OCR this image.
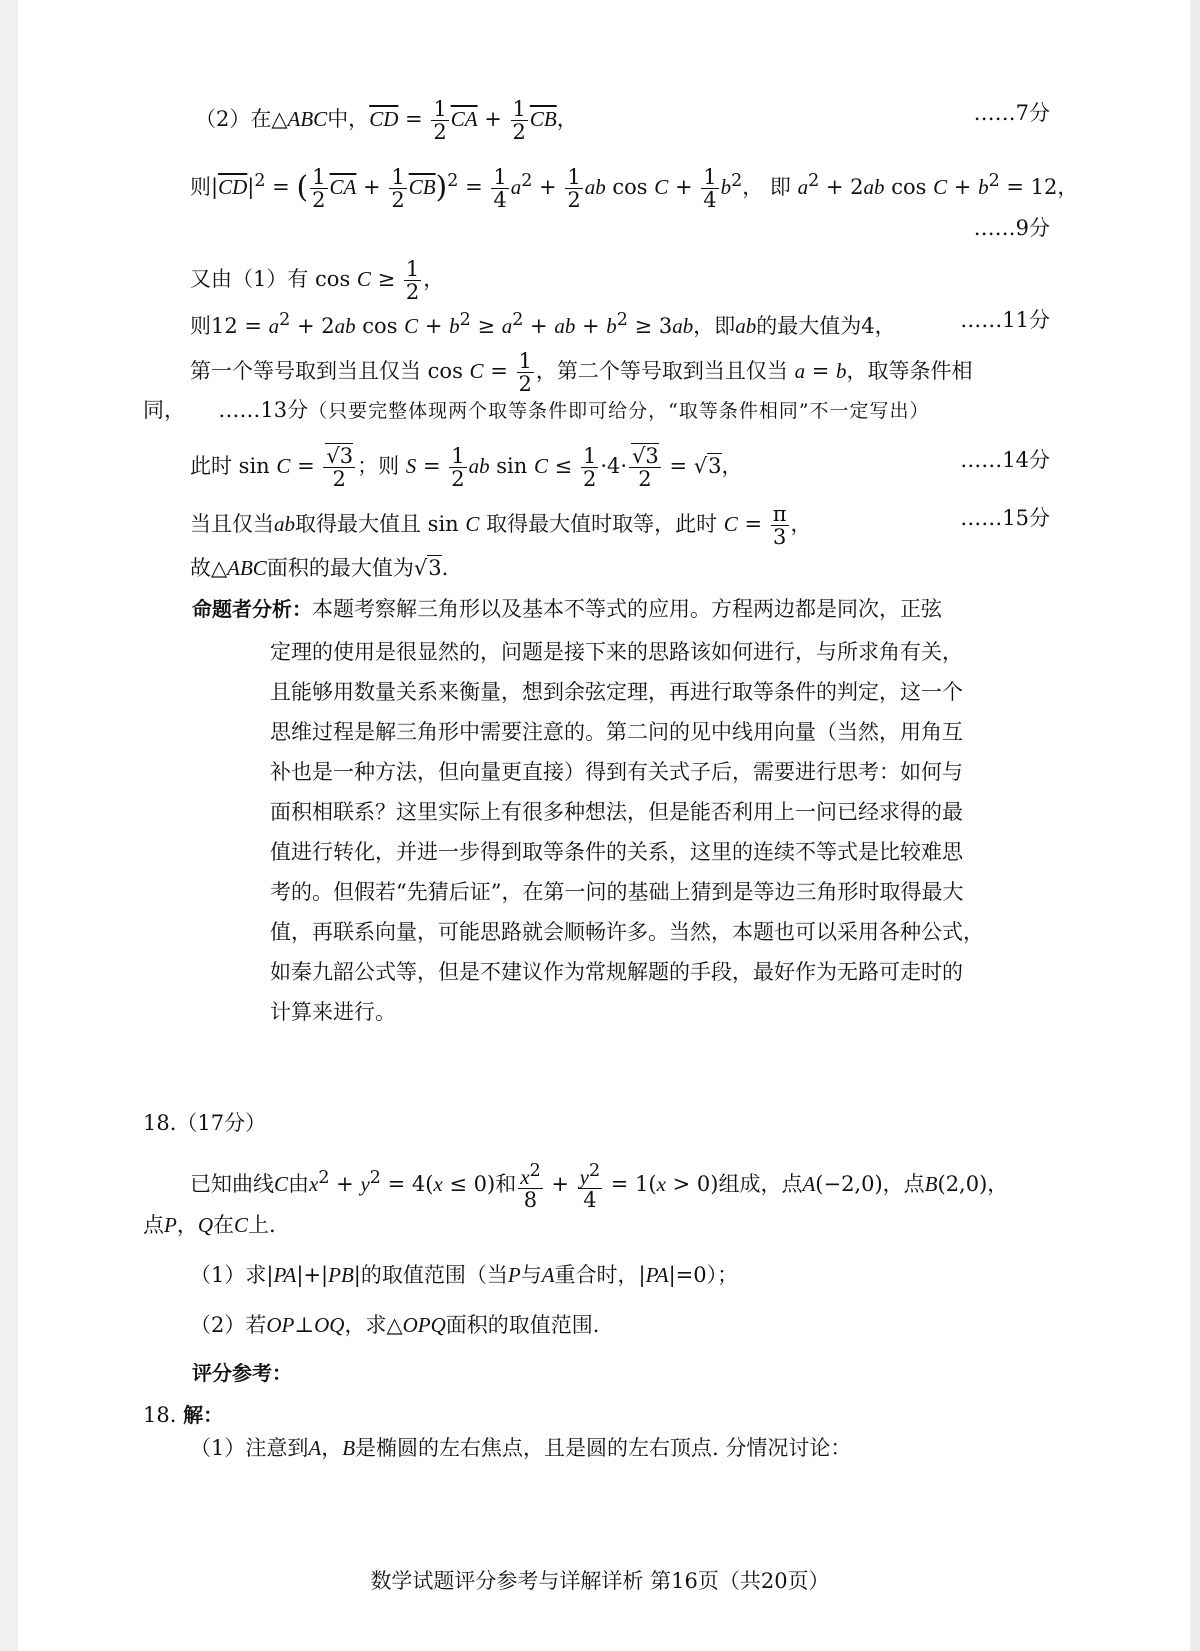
（2）在△ABC中，$\overline{CD} = \frac{1}{2} \overline{CA} + \frac{1}{2} \overline{CB}$，	……7分
则$|\overline{CD}|^2$ = ( $\frac{1}{2} \overline{CA} + \frac{1}{2} \overline{CB})^2 = \frac{1}{4} a^2 + \frac{1}{2}$ ab $\cos C + \frac{1}{4} b^2$， 即 $a^2 + 2ab$ $\cos C + b^2 = 12$，
……9分
又由（1）有 $\cos C \ge \frac{1}{2}$ ，
则$12 = a^2 + 2ab$ $\cos C + b^2 \ge a^2$ + ab + $b^2 \ge 3ab$，即ab的最大值为4，	……11分
第一个等号取到当且仅当 $\cos C = \frac{1}{2}$ ，第二个等号取到当且仅当 a = b，取等条件相
同，     ……13分（只要完整体现两个取等条件即可给分，“取等条件相同”不一定写出）
此时 $\sin C = \frac{√3}{2}$ ；则 $S = \frac{1}{2}$ ab $\sin C \le \frac{1}{2} \cdot 4\cdot \frac{√3}{2} = √3$，	……14分
当且仅当ab取得最大值且 sin C 取得最大值时取等，此时 $C = \frac{\pi}{3}$ ，	……15分
故△ABC面积的最大值为√3.
命题者分析：本题考察解三角形以及基本不等式的应用。方程两边都是同次，正弦
定理的使用是很显然的，问题是接下来的思路该如何进行，与所求角有关，
且能够用数量关系来衡量，想到余弦定理，再进行取等条件的判定，这一个
思维过程是解三角形中需要注意的。第二问的见中线用向量（当然，用角互
补也是一种方法，但向量更直接）得到有关式子后，需要进行思考：如何与
面积相联系？这里实际上有很多种想法，但是能否利用上一问已经求得的最
值进行转化，并进一步得到取等条件的关系，这里的连续不等式是比较难思
考的。但假若“先猜后证”，在第一问的基础上猜到是等边三角形时取得最大
值，再联系向量，可能思路就会顺畅许多。当然，本题也可以采用各种公式，
如秦九韶公式等，但是不建议作为常规解题的手段，最好作为无路可走时的
计算来进行。
18.（17分）
已知曲线C由$x^2 + y^2 = 4(x \le 0)$和 $\frac{x^2}{8} + \frac{y^2}{4} = 1(x > 0)$组成，点A(−2,0)，点B(2,0)，
点P，Q在C上.
（1）求|PA|+|PB|的取值范围（当P与A重合时，|PA|=0）；
（2）若OP⊥OQ，求△OPQ面积的取值范围.
评分参考：
18. 解：
（1）注意到A，B是椭圆的左右焦点，且是圆的左右顶点. 分情况讨论：
数学试题评分参考与详解详析 第16页（共20页）
